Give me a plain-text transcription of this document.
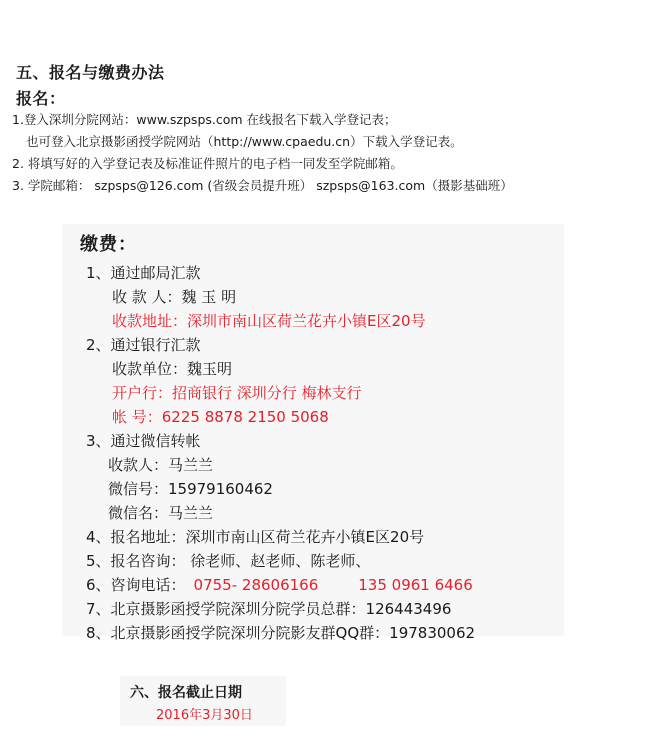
五、报名与缴费办法
报名：
1.登入深圳分院网站：www.szpsps.com 在线报名下载入学登记表；
也可登入北京摄影函授学院网站（http://www.cpaedu.cn）下载入学登记表。
2. 将填写好的入学登记表及标准证件照片的电子档一同发至学院邮箱。
3. 学院邮箱： szpsps@126.com (省级会员提升班） szpsps@163.com（摄影基础班）
缴费：
1、通过邮局汇款
收 款 人：魏 玉 明
收款地址：深圳市南山区荷兰花卉小镇E区20号
2、通过银行汇款
收款单位：魏玉明
开户行：招商银行 深圳分行 梅林支行
帐 号：6225 8878 2150 5068
3、通过微信转帐
收款人：马兰兰
微信号：15979160462
微信名：马兰兰
4、报名地址：深圳市南山区荷兰花卉小镇E区20号
5、报名咨询： 徐老师、赵老师、陈老师、
6、咨询电话： 0755- 28606166	135 0961 6466
7、北京摄影函授学院深圳分院学员总群：126443496
8、北京摄影函授学院深圳分院影友群QQ群：197830062
六、报名截止日期
2016年3月30日
